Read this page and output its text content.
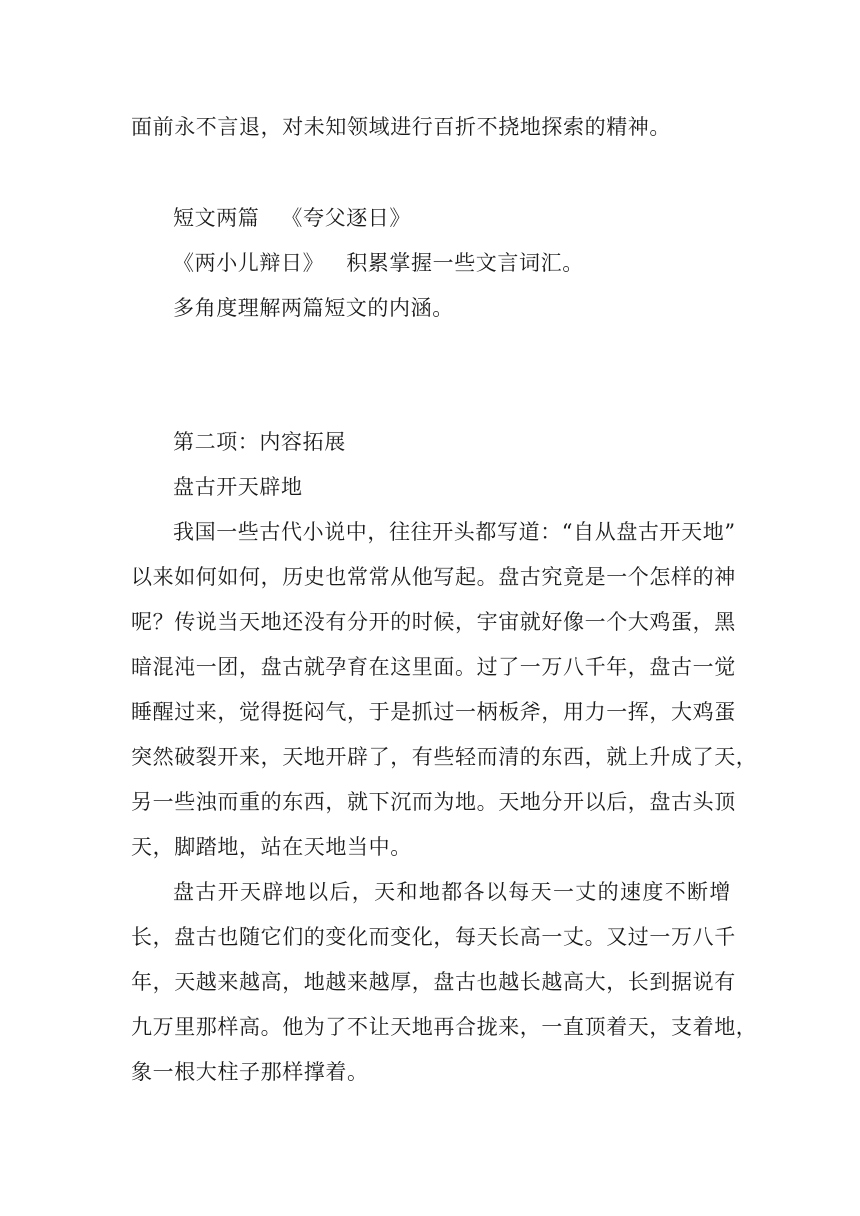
面前永不言退，对未知领域进行百折不挠地探索的精神。
短文两篇 《夸父逐日》
《两小儿辩日》 积累掌握一些文言词汇。
多角度理解两篇短文的内涵。
第二项：内容拓展
盘古开天辟地
我国一些古代小说中，往往开头都写道：“自从盘古开天地”
以来如何如何，历史也常常从他写起。盘古究竟是一个怎样的神
呢？传说当天地还没有分开的时候，宇宙就好像一个大鸡蛋，黑
暗混沌一团，盘古就孕育在这里面。过了一万八千年，盘古一觉
睡醒过来，觉得挺闷气，于是抓过一柄板斧，用力一挥，大鸡蛋
突然破裂开来，天地开辟了，有些轻而清的东西，就上升成了天，
另一些浊而重的东西，就下沉而为地。天地分开以后，盘古头顶
天，脚踏地，站在天地当中。
盘古开天辟地以后，天和地都各以每天一丈的速度不断增
长，盘古也随它们的变化而变化，每天长高一丈。又过一万八千
年，天越来越高，地越来越厚，盘古也越长越高大，长到据说有
九万里那样高。他为了不让天地再合拢来，一直顶着天，支着地，
象一根大柱子那样撑着。
